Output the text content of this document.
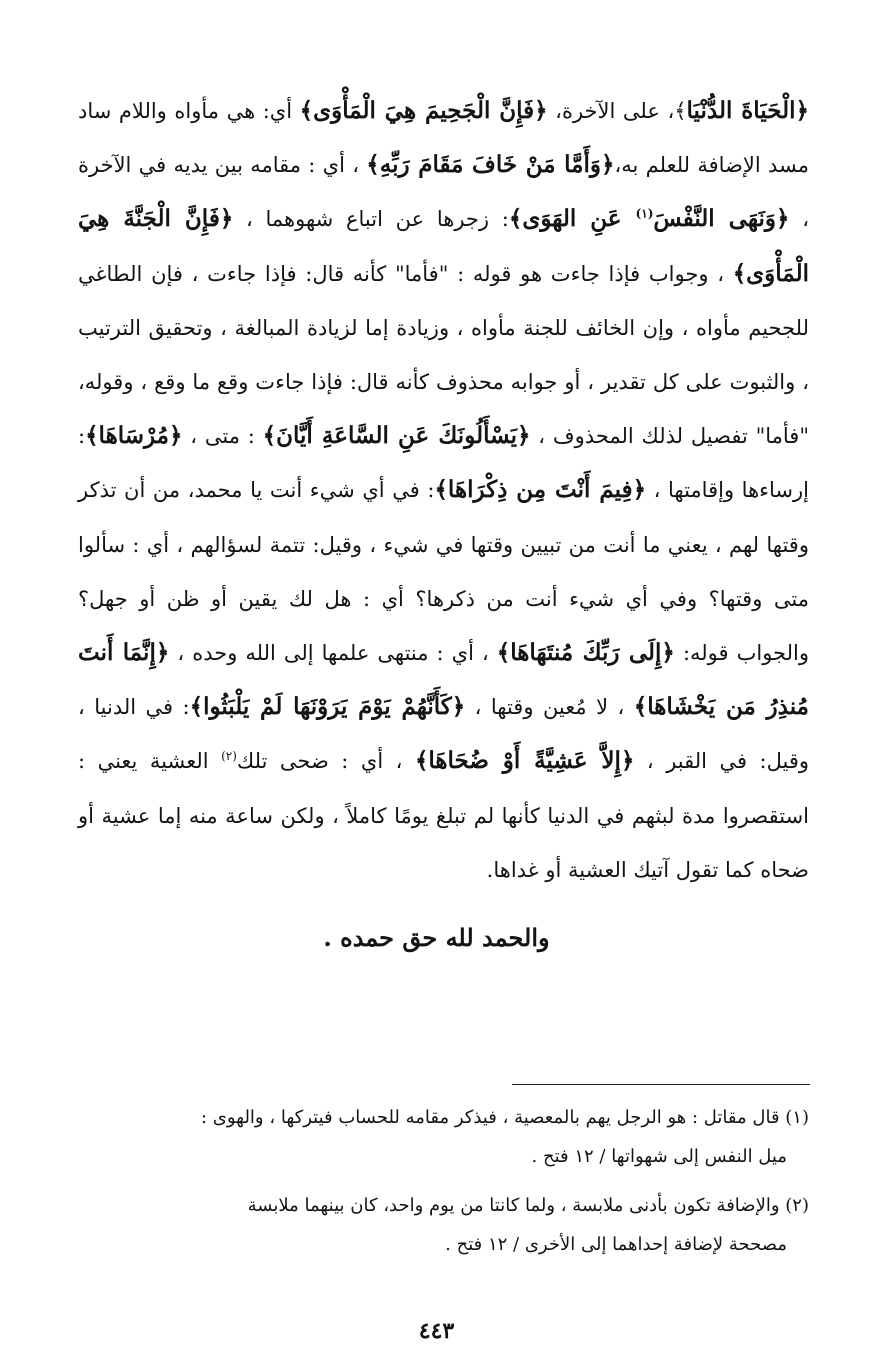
﴿الْحَيَاةَ الدُّنْيَا﴾، على الآخرة، ﴿فَإِنَّ الْجَحِيمَ هِيَ الْمَأْوَى﴾ أي: هي مأواه واللام ساد مسد الإضافة للعلم به،﴿وَأَمَّا مَنْ خَافَ مَقَامَ رَبِّهِ﴾ ، أي : مقامه بين يديه في الآخرة ، ﴿وَنَهَى النَّفْسَ$^{(١)}$ عَنِ الهَوَى﴾: زجرها عن اتباع شهوهما ، ﴿فَإِنَّ الْجَنَّةَ هِيَ الْمَأْوَى﴾ ، وجواب فإذا جاءت هو قوله : "فأما" كأنه قال: فإذا جاءت ، فإن الطاغي للجحيم مأواه ، وإن الخائف للجنة مأواه ، وزيادة إما لزيادة المبالغة ، وتحقيق الترتيب ، والثبوت على كل تقدير ، أو جوابه محذوف كأنه قال: فإذا جاءت وقع ما وقع ، وقوله، "فأما" تفصيل لذلك المحذوف ، ﴿يَسْأَلُونَكَ عَنِ السَّاعَةِ أَيَّانَ﴾ : متى ، ﴿مُرْسَاهَا﴾: إرساءها وإقامتها ، ﴿فِيمَ أَنْتَ مِن ذِكْرَاهَا﴾: في أي شيء أنت يا محمد، من أن تذكر وقتها لهم ، يعني ما أنت من تبيين وقتها في شيء ، وقيل: تتمة لسؤالهم ، أي : سألوا متى وقتها؟ وفي أي شيء أنت من ذكرها؟ أي : هل لك يقين أو ظن أو جهل؟ والجواب قوله: ﴿إِلَى رَبِّكَ مُنتَهَاهَا﴾ ، أي : منتهى علمها إلى الله وحده ، ﴿إِنَّمَا أَنتَ مُنذِرُ مَن يَخْشَاهَا﴾ ، لا مُعين وقتها ، ﴿كَأَنَّهُمْ يَوْمَ يَرَوْنَهَا لَمْ يَلْبَثُوا﴾: في الدنيا ، وقيل: في القبر ، ﴿إِلاَّ عَشِيَّةً أَوْ ضُحَاهَا﴾ ، أي : ضحى تلك$^{(٢)}$ العشية يعني : استقصروا مدة لبثهم في الدنيا كأنها لم تبلغ يومًا كاملاً ، ولكن ساعة منه إما عشية أو ضحاه كما تقول آتيك العشية أو غداها.

والحمد لله حق حمده .

(١) قال مقاتل : هو الرجل يهم بالمعصية ، فيذكر مقامه للحساب فيتركها ، والهوى :
ميل النفس إلى شهواتها / ١٢ فتح .

(٢) والإضافة تكون بأدنى ملابسة ، ولما كانتا من يوم واحد، كان بينهما ملابسة
مصححة لإضافة إحداهما إلى الأخرى / ١٢ فتح .

٤٤٣
